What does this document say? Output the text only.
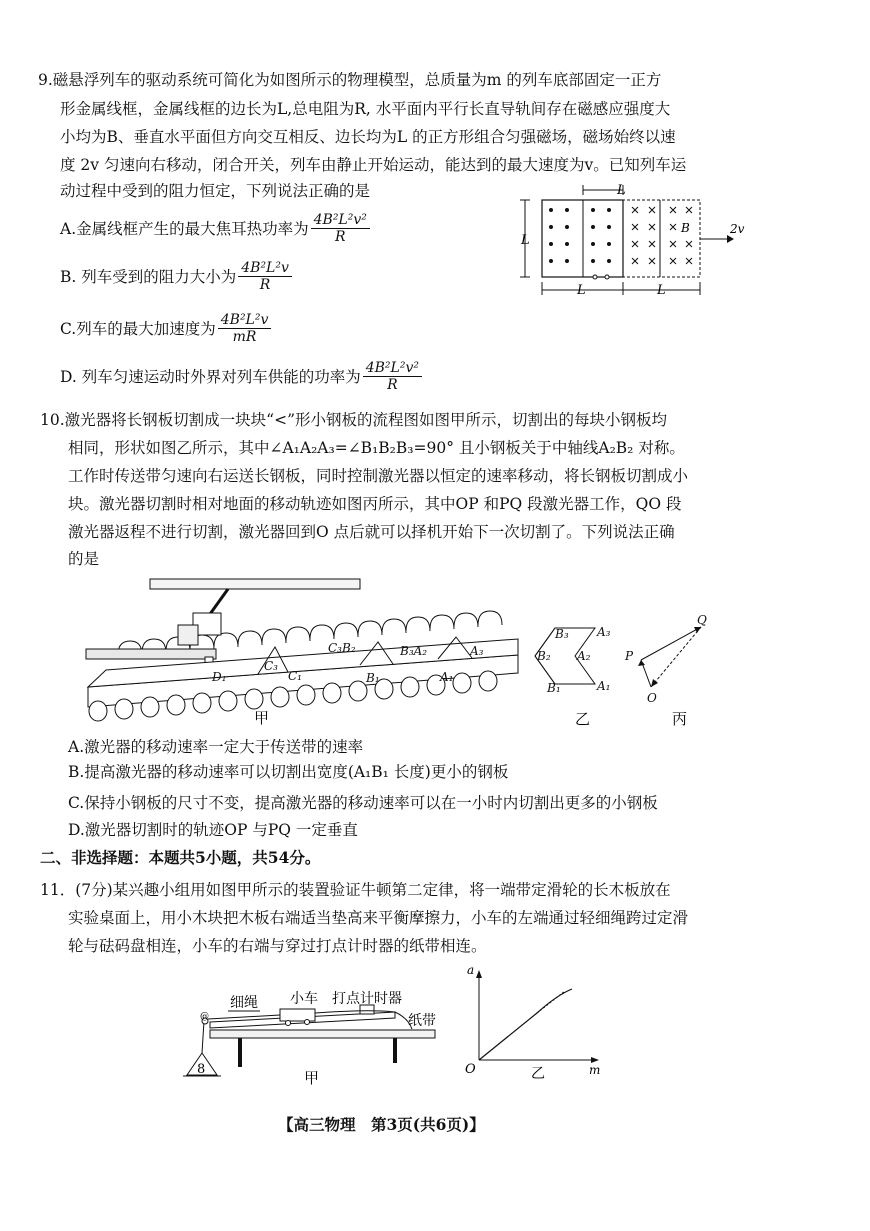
9.磁悬浮列车的驱动系统可简化为如图所示的物理模型，总质量为m 的列车底部固定一正方
形金属线框，金属线框的边长为L,总电阻为R, 水平面内平行长直导轨间存在磁感应强度大
小均为B、垂直水平面但方向交互相反、边长均为L 的正方形组合匀强磁场，磁场始终以速
度 2v 匀速向右移动，闭合开关，列车由静止开始运动，能达到的最大速度为v。已知列车运
动过程中受到的阻力恒定，下列说法正确的是
A.金属线框产生的最大焦耳热功率为 $\frac{\text{4B²L²v²}}{R}$
B. 列车受到的阻力大小为 $\frac{\text{4B²L²v}}{R}$
C.列车的最大加速度为 $\frac{\text{4B²L²v}}{mR}$
D. 列车匀速运动时外界对列车供能的功率为 $\frac{\text{4B²L²v²}}{R}$
L
L
B	2v
L	L
10.激光器将长钢板切割成一块块“<”形小钢板的流程图如图甲所示，切割出的每块小钢板均
相同，形状如图乙所示，其中∠A₁A₂A₃=∠B₁B₂B₃=90° 且小钢板关于中轴线A₂B₂ 对称。
工作时传送带匀速向右运送长钢板，同时控制激光器以恒定的速率移动，将长钢板切割成小
块。激光器切割时相对地面的移动轨迹如图丙所示，其中OP 和PQ 段激光器工作，QO 段
激光器返程不进行切割，激光器回到O 点后就可以择机开始下一次切割了。下列说法正确
的是
D₁
C₃
C₁
C₃B₂
B₁
B₃A₂	A₃
A₁
甲
B₃ A₃
B₂ A₂
B₁	A₁
乙
Q
P
O
丙
A.激光器的移动速率一定大于传送带的速率
B.提高激光器的移动速率可以切割出宽度(A₁B₁ 长度)更小的钢板
C.保持小钢板的尺寸不变，提高激光器的移动速率可以在一小时内切割出更多的小钢板
D.激光器切割时的轨迹OP 与PQ 一定垂直
二、非选择题：本题共5小题，共54分。
11．(7分)某兴趣小组用如图甲所示的装置验证牛顿第二定律，将一端带定滑轮的长木板放在
实验桌面上，用小木块把木板右端适当垫高来平衡摩擦力，小车的左端通过轻细绳跨过定滑
轮与砝码盘相连，小车的右端与穿过打点计时器的纸带相连。
8
@
细绳 小车 打点计时器
纸带
甲
a
O	m
乙
【高三物理　第3页(共6页)】
